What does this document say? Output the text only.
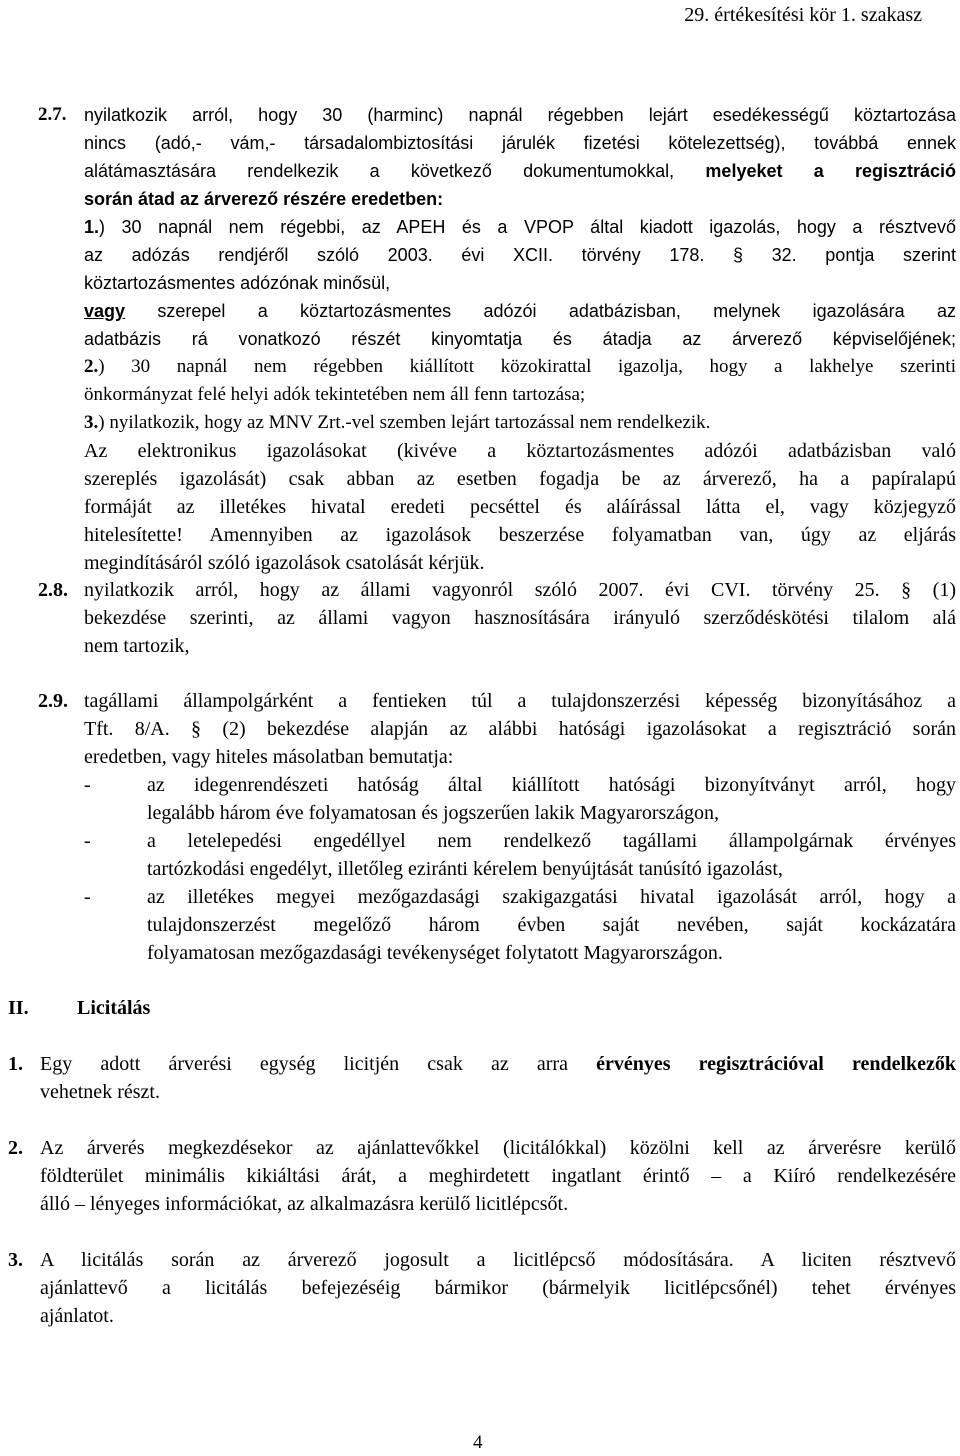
29. értékesítési kör 1. szakasz
2.7. nyilatkozik arról, hogy 30 (harminc) napnál régebben lejárt esedékességű köztartozása
nincs (adó,- vám,- társadalombiztosítási járulék fizetési kötelezettség), továbbá ennek
alátámasztására rendelkezik a következő dokumentumokkal, melyeket a regisztráció
során átad az árverező részére eredetben:
1.) 30 napnál nem régebbi, az APEH és a VPOP által kiadott igazolás, hogy a résztvevő
az adózás rendjéről szóló 2003. évi XCII. törvény 178. § 32. pontja szerint
köztartozásmentes adózónak minősül,
vagy szerepel a köztartozásmentes adózói adatbázisban, melynek igazolására az
adatbázis rá vonatkozó részét kinyomtatja és átadja az árverező képviselőjének;
2.) 30 napnál nem régebben kiállított közokirattal igazolja, hogy a lakhelye szerinti
önkormányzat felé helyi adók tekintetében nem áll fenn tartozása;
3.) nyilatkozik, hogy az MNV Zrt.-vel szemben lejárt tartozással nem rendelkezik.
Az elektronikus igazolásokat (kivéve a köztartozásmentes adózói adatbázisban való
szereplés igazolását) csak abban az esetben fogadja be az árverező, ha a papíralapú
formáját az illetékes hivatal eredeti pecséttel és aláírással látta el, vagy közjegyző
hitelesítette! Amennyiben az igazolások beszerzése folyamatban van, úgy az eljárás
megindításáról szóló igazolások csatolását kérjük.
2.8. nyilatkozik arról, hogy az állami vagyonról szóló 2007. évi CVI. törvény 25. § (1)
bekezdése szerinti, az állami vagyon hasznosítására irányuló szerződéskötési tilalom alá
nem tartozik,
2.9. tagállami állampolgárként a fentieken túl a tulajdonszerzési képesség bizonyításához a
Tft. 8/A. § (2) bekezdése alapján az alábbi hatósági igazolásokat a regisztráció során
eredetben, vagy hiteles másolatban bemutatja:
-	az idegenrendészeti hatóság által kiállított hatósági bizonyítványt arról, hogy
legalább három éve folyamatosan és jogszerűen lakik Magyarországon,
-	a letelepedési engedéllyel nem rendelkező tagállami állampolgárnak érvényes
tartózkodási engedélyt, illetőleg eziránti kérelem benyújtását tanúsító igazolást,
-	az illetékes megyei mezőgazdasági szakigazgatási hivatal igazolását arról, hogy a
tulajdonszerzést megelőző három évben saját nevében, saját kockázatára
folyamatosan mezőgazdasági tevékenységet folytatott Magyarországon.
II. Licitálás
1. Egy adott árverési egység licitjén csak az arra érvényes regisztrációval rendelkezők
vehetnek részt.
2. Az árverés megkezdésekor az ajánlattevőkkel (licitálókkal) közölni kell az árverésre kerülő
földterület minimális kikiáltási árát, a meghirdetett ingatlant érintő – a Kiíró rendelkezésére
álló – lényeges információkat, az alkalmazásra kerülő licitlépcsőt.
3. A licitálás során az árverező jogosult a licitlépcső módosítására. A liciten résztvevő
ajánlattevő a licitálás befejezéséig bármikor (bármelyik licitlépcsőnél) tehet érvényes
ajánlatot.
4
